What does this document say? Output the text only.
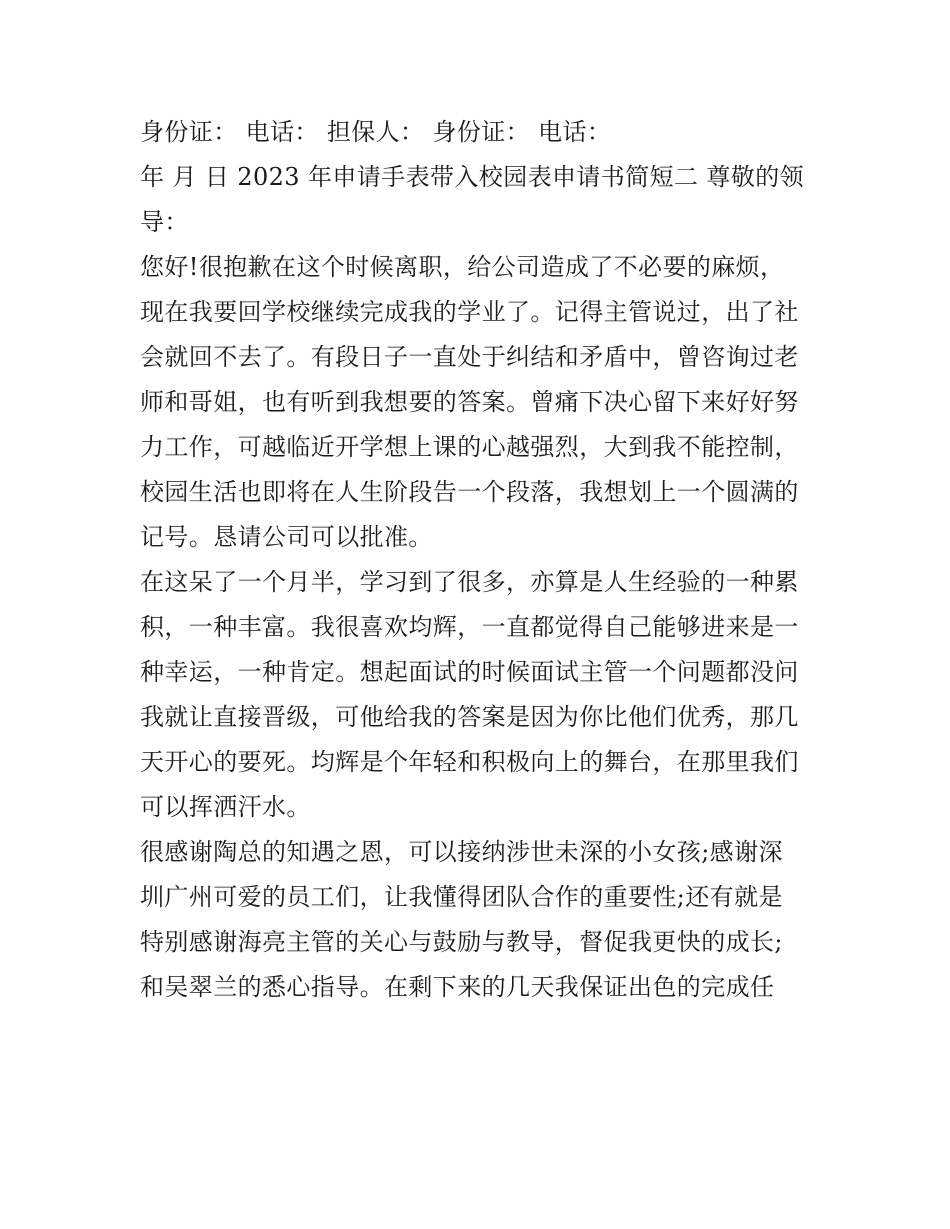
身份证： 电话： 担保人： 身份证： 电话：
年 月 日 2023 年申请手表带入校园表申请书简短二 尊敬的领
导：
您好!很抱歉在这个时候离职，给公司造成了不必要的麻烦，
现在我要回学校继续完成我的学业了。记得主管说过，出了社
会就回不去了。有段日子一直处于纠结和矛盾中，曾咨询过老
师和哥姐，也有听到我想要的答案。曾痛下决心留下来好好努
力工作，可越临近开学想上课的心越强烈，大到我不能控制，
校园生活也即将在人生阶段告一个段落，我想划上一个圆满的
记号。恳请公司可以批准。
在这呆了一个月半，学习到了很多，亦算是人生经验的一种累
积，一种丰富。我很喜欢均辉，一直都觉得自己能够进来是一
种幸运，一种肯定。想起面试的时候面试主管一个问题都没问
我就让直接晋级，可他给我的答案是因为你比他们优秀，那几
天开心的要死。均辉是个年轻和积极向上的舞台，在那里我们
可以挥洒汗水。
很感谢陶总的知遇之恩，可以接纳涉世未深的小女孩;感谢深
圳广州可爱的员工们，让我懂得团队合作的重要性;还有就是
特别感谢海亮主管的关心与鼓励与教导，督促我更快的成长;
和吴翠兰的悉心指导。在剩下来的几天我保证出色的完成任
